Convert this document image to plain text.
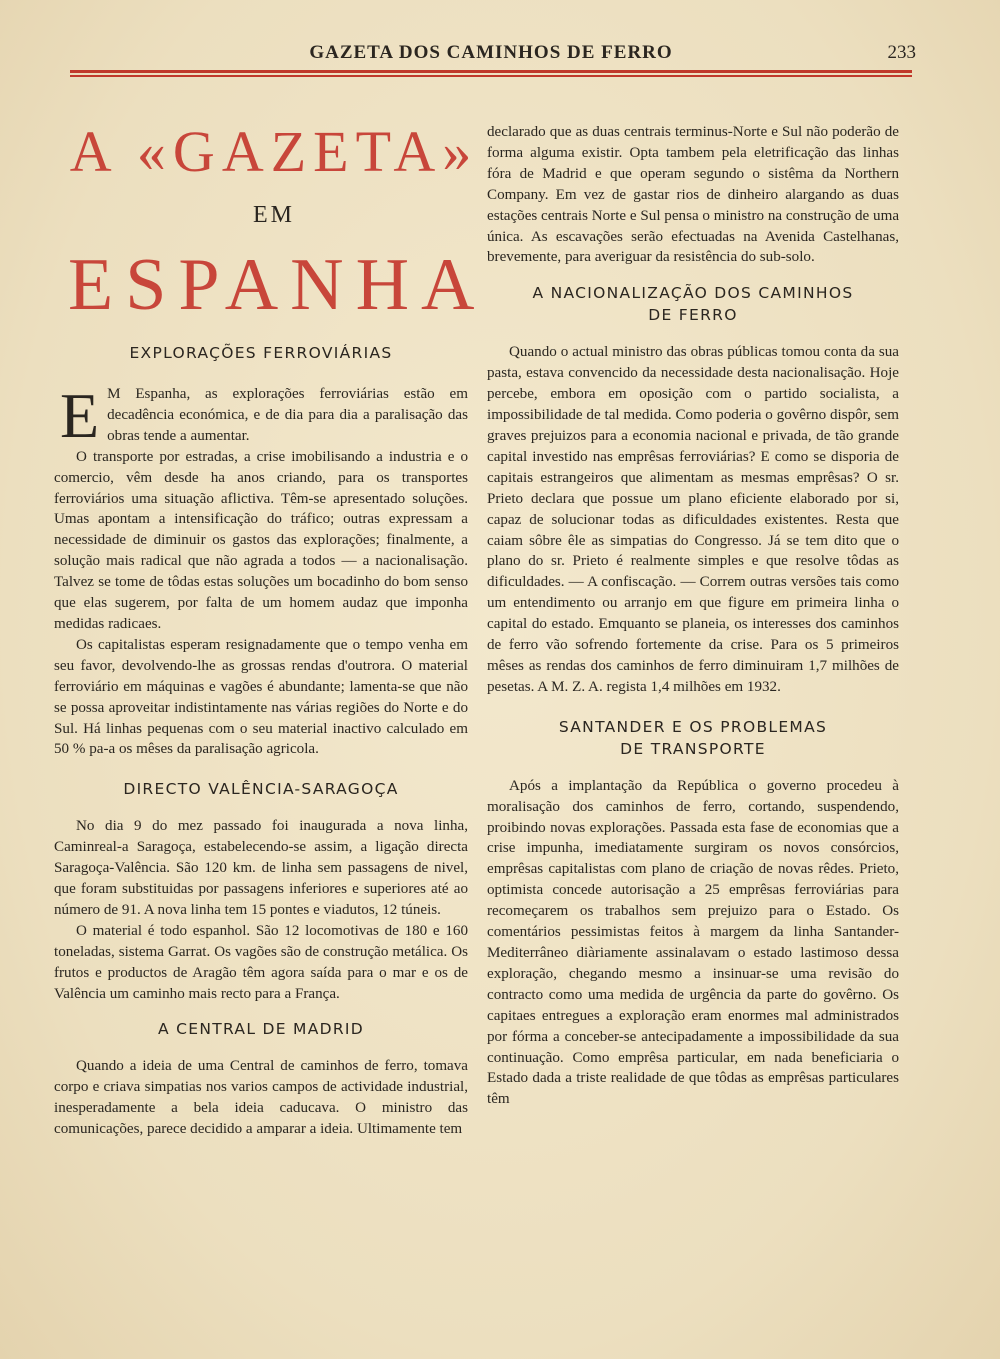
GAZETA DOS CAMINHOS DE FERRO	233
A «GAZETA»
EM
ESPANHA
EXPLORAÇÕES FERROVIÁRIAS

E M Espanha, as explorações ferroviárias estão em decadência económica, e de dia para dia a paralisação das obras tende a aumentar.

O transporte por estradas, a crise imobilisando a industria e o comercio, vêm desde ha anos criando, para os transportes ferroviários uma situação aflictiva. Têm-se apresentado soluções. Umas apontam a intensificação do tráfico; outras expressam a necessidade de diminuir os gastos das explorações; finalmente, a solução mais radical que não agrada a todos — a nacionalisação. Talvez se tome de tôdas estas soluções um bocadinho do bom senso que elas sugerem, por falta de um homem audaz que imponha medidas radicaes.

Os capitalistas esperam resignadamente que o tempo venha em seu favor, devolvendo-lhe as grossas rendas d'outrora. O material ferroviário em máquinas e vagões é abundante; lamenta-se que não se possa aproveitar indistintamente nas várias regiões do Norte e do Sul. Há linhas pequenas com o seu material inactivo calculado em 50 % pa-a os mêses da paralisação agricola.

DIRECTO VALÊNCIA-SARAGOÇA

No dia 9 do mez passado foi inaugurada a nova linha, Caminreal-a Saragoça, estabelecendo-se assim, a ligação directa Saragoça-Valência. São 120 km. de linha sem passagens de nivel, que foram substituidas por passagens inferiores e superiores até ao número de 91. A nova linha tem 15 pontes e viadutos, 12 túneis.

O material é todo espanhol. São 12 locomotivas de 180 e 160 toneladas, sistema Garrat. Os vagões são de construção metálica. Os frutos e productos de Aragão têm agora saída para o mar e os de Valência um caminho mais recto para a França.

A CENTRAL DE MADRID

Quando a ideia de uma Central de caminhos de ferro, tomava corpo e criava simpatias nos varios campos de actividade industrial, inesperadamente a bela ideia caducava. O ministro das comunicações, parece decidido a amparar a ideia. Ultimamente tem

declarado que as duas centrais terminus-Norte e Sul não poderão de forma alguma existir. Opta tambem pela eletrificação das linhas fóra de Madrid e que operam segundo o sistêma da Northern Company. Em vez de gastar rios de dinheiro alargando as duas estações centrais Norte e Sul pensa o ministro na construção de uma única. As escavações serão efectuadas na Avenida Castelhanas, brevemente, para averiguar da resistência do sub-solo.

A NACIONALIZAÇÃO DOS CAMINHOS
DE FERRO

Quando o actual ministro das obras públicas tomou conta da sua pasta, estava convencido da necessidade desta nacionalisação. Hoje percebe, embora em oposição com o partido socialista, a impossibilidade de tal medida. Como poderia o govêrno dispôr, sem graves prejuizos para a economia nacional e privada, de tão grande capital investido nas emprêsas ferroviárias? E como se disporia de capitais estrangeiros que alimentam as mesmas emprêsas? O sr. Prieto declara que possue um plano eficiente elaborado por si, capaz de solucionar todas as dificuldades existentes. Resta que caiam sôbre êle as simpatias do Congresso. Já se tem dito que o plano do sr. Prieto é realmente simples e que resolve tôdas as dificuldades. — A confiscação. — Correm outras versões tais como um entendimento ou arranjo em que figure em primeira linha o capital do estado. Emquanto se planeia, os interesses dos caminhos de ferro vão sofrendo fortemente da crise. Para os 5 primeiros mêses as rendas dos caminhos de ferro diminuiram 1,7 milhões de pesetas. A M. Z. A. regista 1,4 milhões em 1932.

SANTANDER E OS PROBLEMAS
DE TRANSPORTE

Após a implantação da República o governo procedeu à moralisação dos caminhos de ferro, cortando, suspendendo, proibindo novas explorações. Passada esta fase de economias que a crise impunha, imediatamente surgiram os novos consórcios, emprêsas capitalistas com plano de criação de novas rêdes. Prieto, optimista concede autorisação a 25 emprêsas ferroviárias para recomeçarem os trabalhos sem prejuizo para o Estado. Os comentários pessimistas feitos à margem da linha Santander-Mediterrâneo diàriamente assinalavam o estado lastimoso dessa exploração, chegando mesmo a insinuar-se uma revisão do contracto como uma medida de urgência da parte do govêrno. Os capitaes entregues a exploração eram enormes mal administrados por fórma a conceber-se antecipadamente a impossibilidade da sua continuação. Como emprêsa particular, em nada beneficiaria o Estado dada a triste realidade de que tôdas as emprêsas particulares têm
